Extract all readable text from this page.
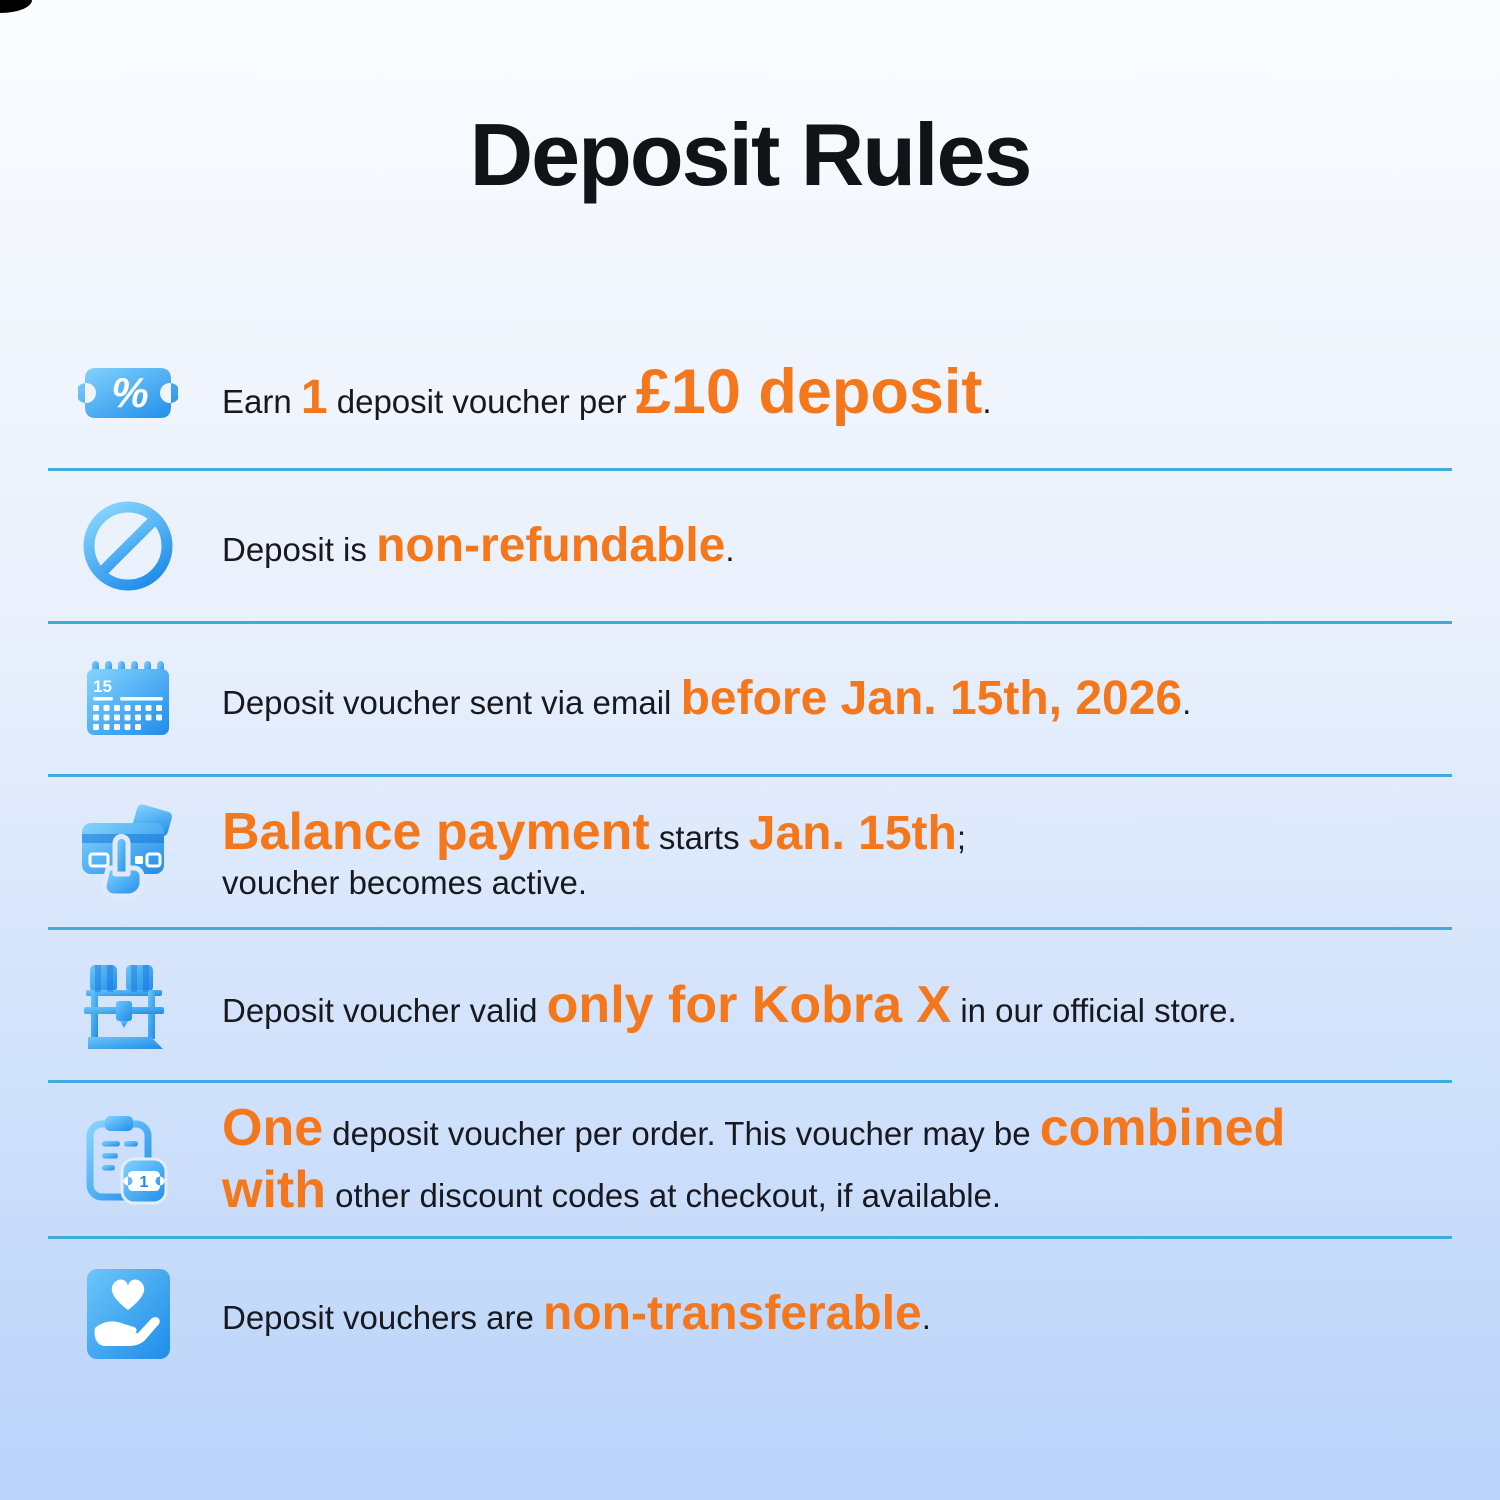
Deposit Rules
% Earn 1 deposit voucher per £10 deposit.
Deposit is non-refundable.
15	Deposit voucher sent via email before Jan. 15th, 2026.
Balance payment starts Jan. 15th;
voucher becomes active.
Deposit voucher valid only for Kobra X in our official store.
1
One deposit voucher per order. This voucher may be combined
with other discount codes at checkout, if available.
Deposit vouchers are non-transferable.
